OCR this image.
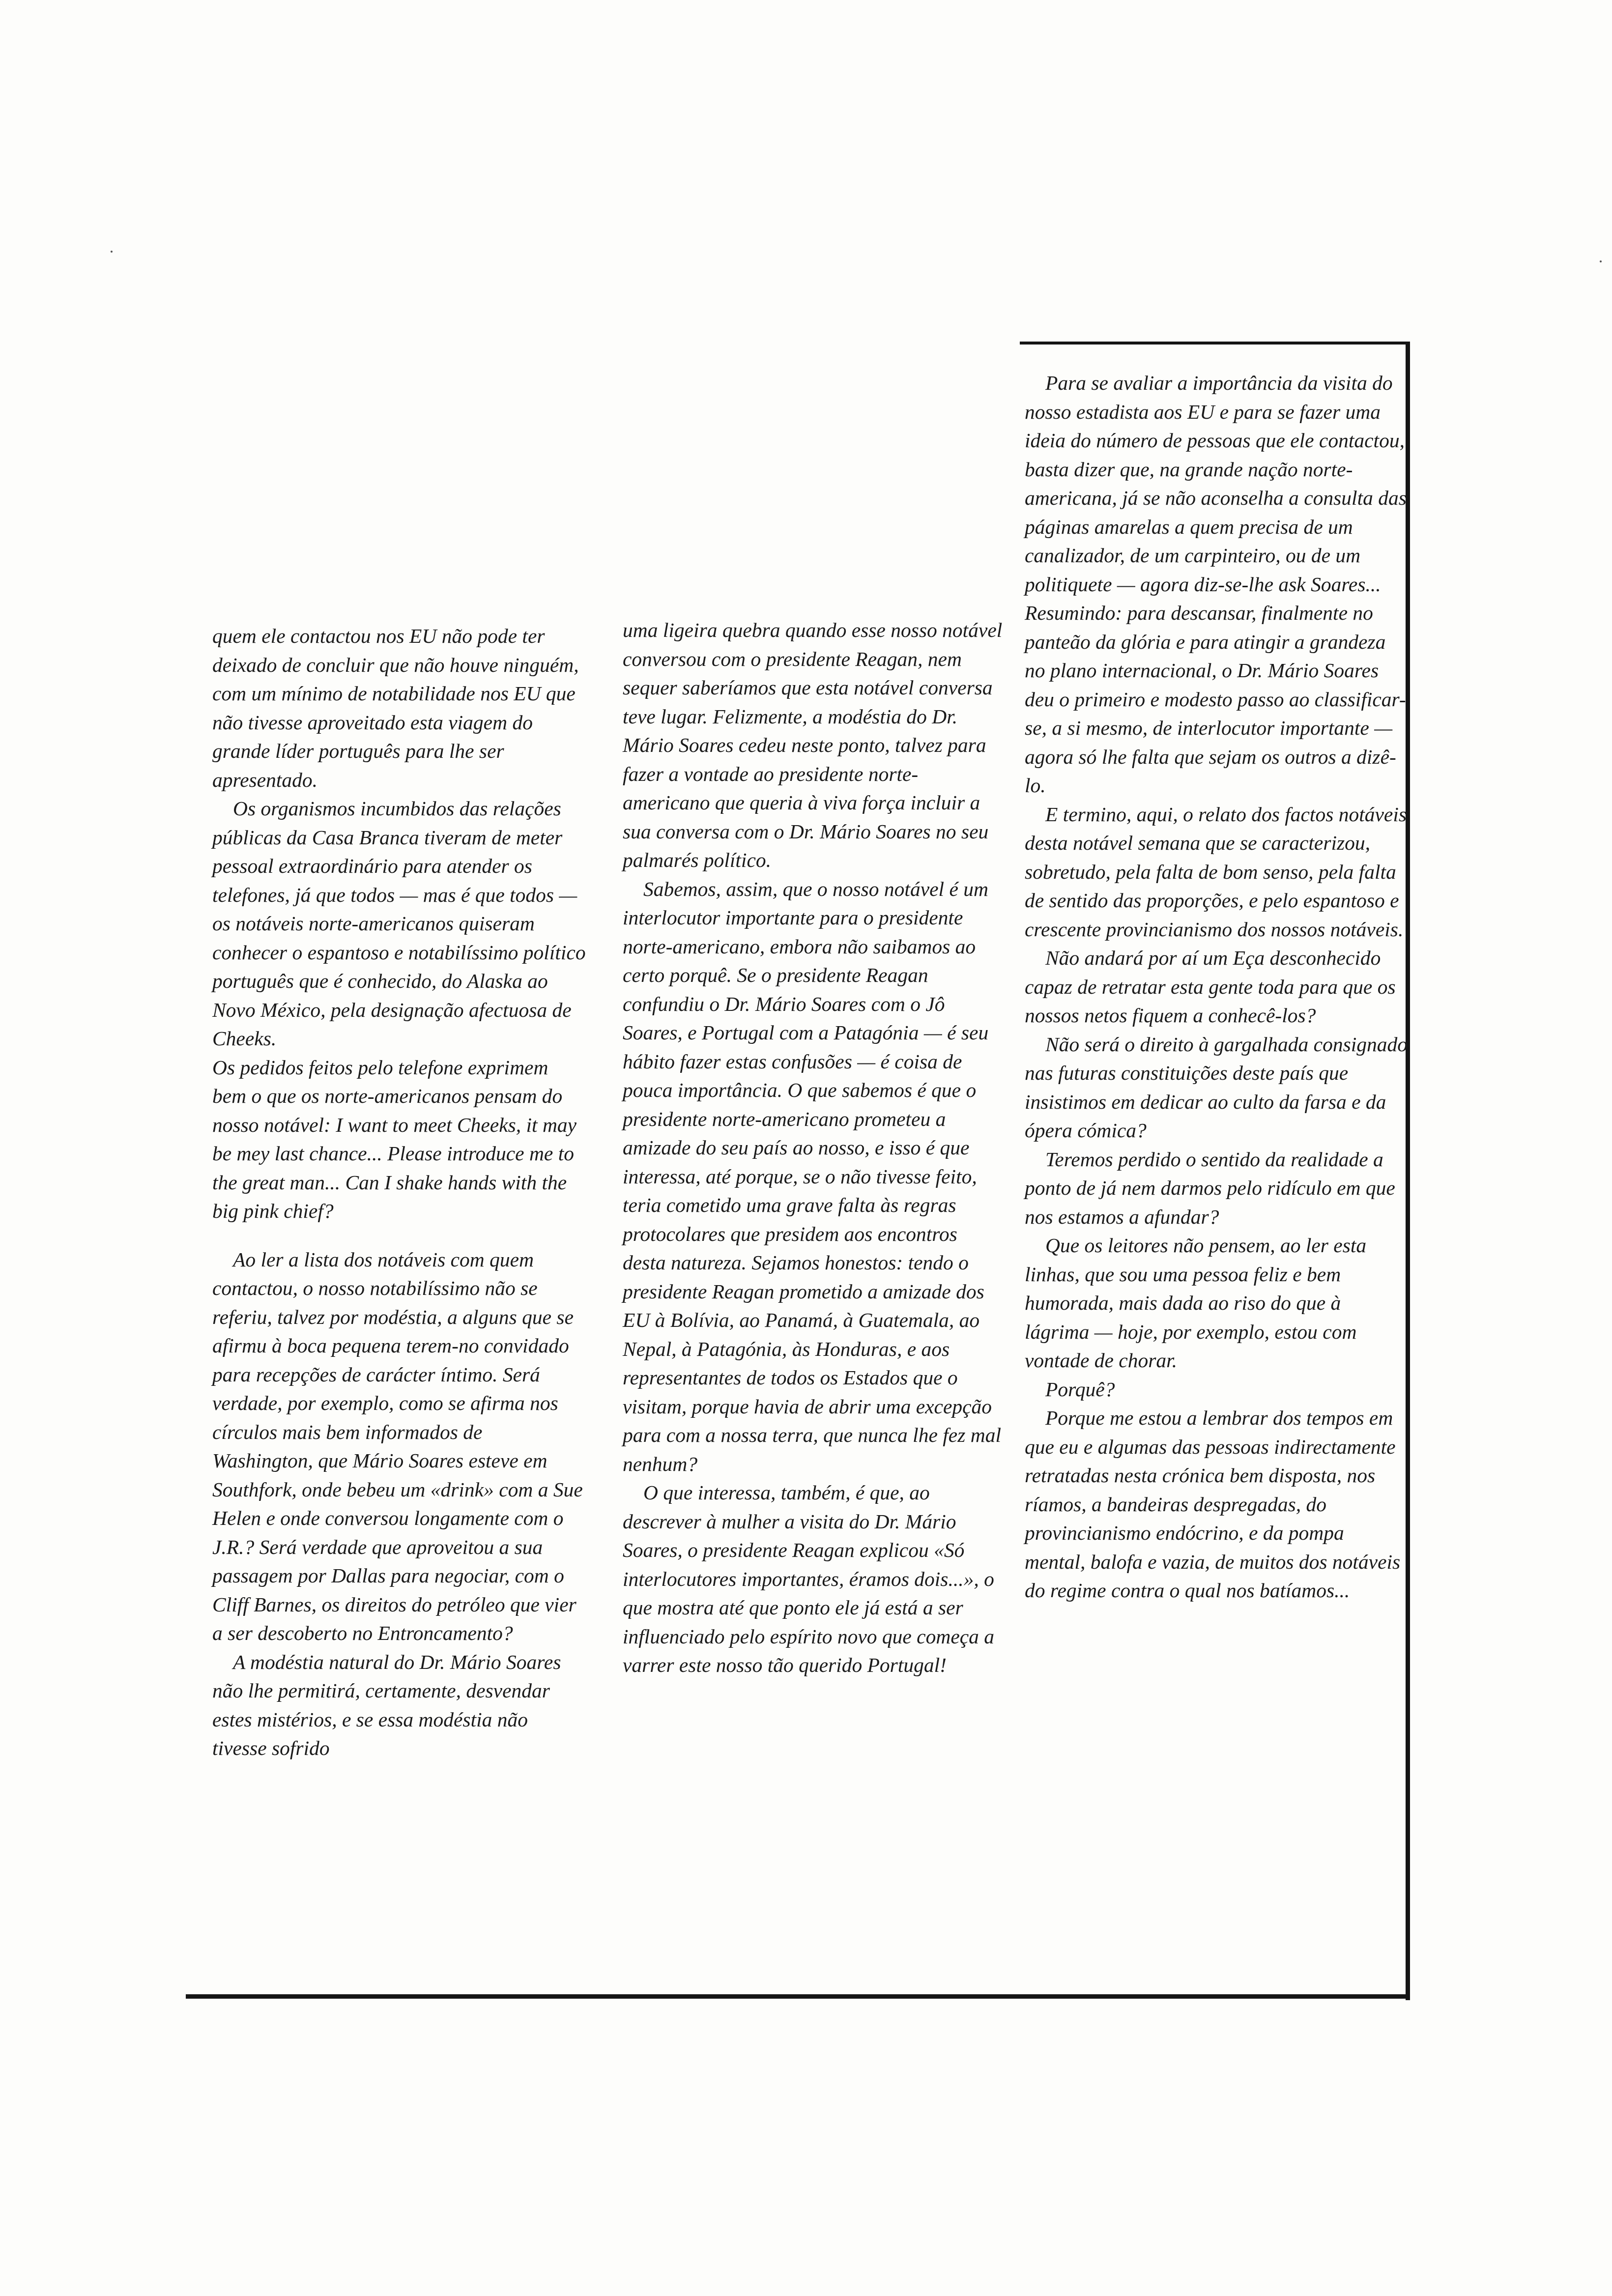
quem ele contactou nos EU não pode ter deixado de concluir que não houve ninguém, com um mínimo de notabilidade nos EU que não tivesse aproveitado esta viagem do grande líder português para lhe ser apresentado.

Os organismos incumbidos das relações públicas da Casa Branca tiveram de meter pessoal extraordinário para atender os telefones, já que todos — mas é que todos — os notáveis norte-americanos quiseram conhecer o espantoso e notabilíssimo político português que é conhecido, do Alaska ao Novo México, pela designação afectuosa de Cheeks.

Os pedidos feitos pelo telefone exprimem bem o que os norte-americanos pensam do nosso notável: I want to meet Cheeks, it may be mey last chance... Please introduce me to the great man... Can I shake hands with the big pink chief?

Ao ler a lista dos notáveis com quem contactou, o nosso notabilíssimo não se referiu, talvez por modéstia, a alguns que se afirmu à boca pequena terem-no convidado para recepções de carácter íntimo. Será verdade, por exemplo, como se afirma nos círculos mais bem informados de Washington, que Mário Soares esteve em Southfork, onde bebeu um «drink» com a Sue Helen e onde conversou longamente com o J.R.? Será verdade que aproveitou a sua passagem por Dallas para negociar, com o Cliff Barnes, os direitos do petróleo que vier a ser descoberto no Entroncamento?

A modéstia natural do Dr. Mário Soares não lhe permitirá, certamente, desvendar estes mistérios, e se essa modéstia não tivesse sofrido

uma ligeira quebra quando esse nosso notável conversou com o presidente Reagan, nem sequer saberíamos que esta notável conversa teve lugar. Felizmente, a modéstia do Dr. Mário Soares cedeu neste ponto, talvez para fazer a vontade ao presidente norte-americano que queria à viva força incluir a sua conversa com o Dr. Mário Soares no seu palmarés político.

Sabemos, assim, que o nosso notável é um interlocutor importante para o presidente norte-americano, embora não saibamos ao certo porquê. Se o presidente Reagan confundiu o Dr. Mário Soares com o Jô Soares, e Portugal com a Patagónia — é seu hábito fazer estas confusões — é coisa de pouca importância. O que sabemos é que o presidente norte-americano prometeu a amizade do seu país ao nosso, e isso é que interessa, até porque, se o não tivesse feito, teria cometido uma grave falta às regras protocolares que presidem aos encontros desta natureza. Sejamos honestos: tendo o presidente Reagan prometido a amizade dos EU à Bolívia, ao Panamá, à Guatemala, ao Nepal, à Patagónia, às Honduras, e aos representantes de todos os Estados que o visitam, porque havia de abrir uma excepção para com a nossa terra, que nunca lhe fez mal nenhum?

O que interessa, também, é que, ao descrever à mulher a visita do Dr. Mário Soares, o presidente Reagan explicou «Só interlocutores importantes, éramos dois...», o que mostra até que ponto ele já está a ser influenciado pelo espírito novo que começa a varrer este nosso tão querido Portugal!

Para se avaliar a importância da visita do nosso estadista aos EU e para se fazer uma ideia do número de pessoas que ele contactou, basta dizer que, na grande nação norte-americana, já se não aconselha a consulta das páginas amarelas a quem precisa de um canalizador, de um carpinteiro, ou de um politiquete — agora diz-se-lhe ask Soares... Resumindo: para descansar, finalmente no panteão da glória e para atingir a grandeza no plano internacional, o Dr. Mário Soares deu o primeiro e modesto passo ao classificar-se, a si mesmo, de interlocutor importante — agora só lhe falta que sejam os outros a dizê-lo.

E termino, aqui, o relato dos factos notáveis desta notável semana que se caracterizou, sobretudo, pela falta de bom senso, pela falta de sentido das proporções, e pelo espantoso e crescente provincianismo dos nossos notáveis.

Não andará por aí um Eça desconhecido capaz de retratar esta gente toda para que os nossos netos fiquem a conhecê-los?

Não será o direito à gargalhada consignado nas futuras constituições deste país que insistimos em dedicar ao culto da farsa e da ópera cómica?

Teremos perdido o sentido da realidade a ponto de já nem darmos pelo ridículo em que nos estamos a afundar?

Que os leitores não pensem, ao ler esta linhas, que sou uma pessoa feliz e bem humorada, mais dada ao riso do que à lágrima — hoje, por exemplo, estou com vontade de chorar.

Porquê?

Porque me estou a lembrar dos tempos em que eu e algumas das pessoas indirectamente retratadas nesta crónica bem disposta, nos ríamos, a bandeiras despregadas, do provincianismo endócrino, e da pompa mental, balofa e vazia, de muitos dos notáveis do regime contra o qual nos batíamos...
